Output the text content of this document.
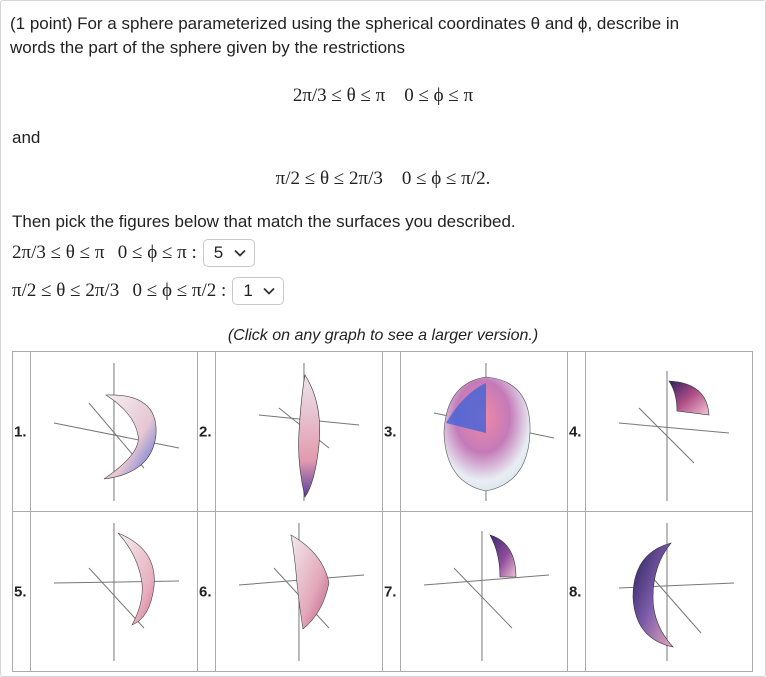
(1 point) For a sphere parameterized using the spherical coordinates θ and ϕ, describe in
words the part of the sphere given by the restrictions
2π/3 ≤ θ ≤ π 0 ≤ ϕ ≤ π
and
π/2 ≤ θ ≤ 2π/3 0 ≤ ϕ ≤ π/2.
Then pick the figures below that match the surfaces you described.
2π/3 ≤ θ ≤ π
0 ≤ ϕ ≤ π : 5
π/2 ≤ θ ≤ 2π/3
0 ≤ ϕ ≤ π/2 : 1
(Click on any graph to see a larger version.)
1.		2.		3.		4.

5.		6.		7.		8.
